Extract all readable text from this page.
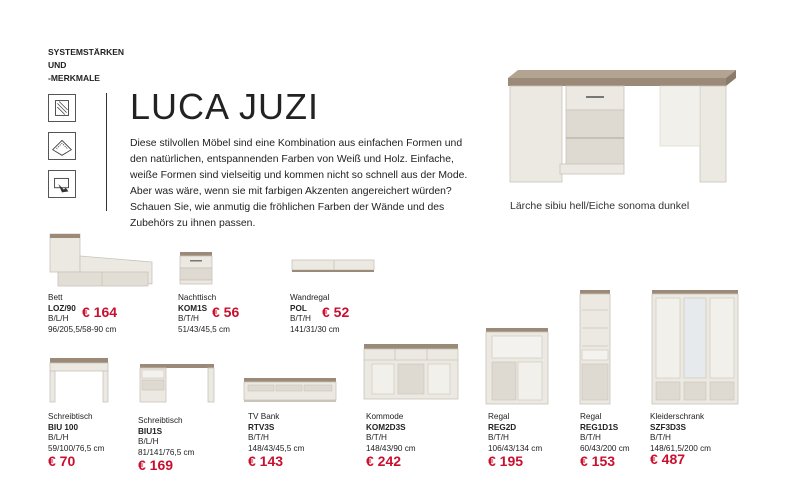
SYSTEMSTÄRKEN
UND
-MERKMALE
LUCA JUZI
Diese stilvollen Möbel sind eine Kombination aus einfachen Formen und den natürlichen, entspannenden Farben von Weiß und Holz. Einfache, weiße Formen sind vielseitig und kommen nicht so schnell aus der Mode. Aber was wäre, wenn sie mit farbigen Akzenten angereichert würden? Schauen Sie, wie anmutig die fröhlichen Farben der Wände und des Zubehörs zu ihnen passen.
Lärche sibiu hell/Eiche sonoma dunkel
Bett
LOZ/90
B/L/H
96/205,5/58-90 cm
€ 164
Nachttisch
KOM1S
B/T/H
51/43/45,5 cm
€ 56
Wandregal
POL
B/T/H
141/31/30 cm
€ 52
Schreibtisch
BIU 100
B/L/H
59/100/76,5 cm
€ 70
Schreibtisch
BIU1S
B/L/H
81/141/76,5 cm
€ 169
TV Bank
RTV3S
B/T/H
148/43/45,5 cm
€ 143
Kommode
KOM2D3S
B/T/H
148/43/90 cm
€ 242
Regal
REG2D
B/T/H
106/43/134 cm
€ 195
Regal
REG1D1S
B/T/H
60/43/200 cm
€ 153
Kleiderschrank
SZF3D3S
B/T/H
148/61,5/200 cm
€ 487
